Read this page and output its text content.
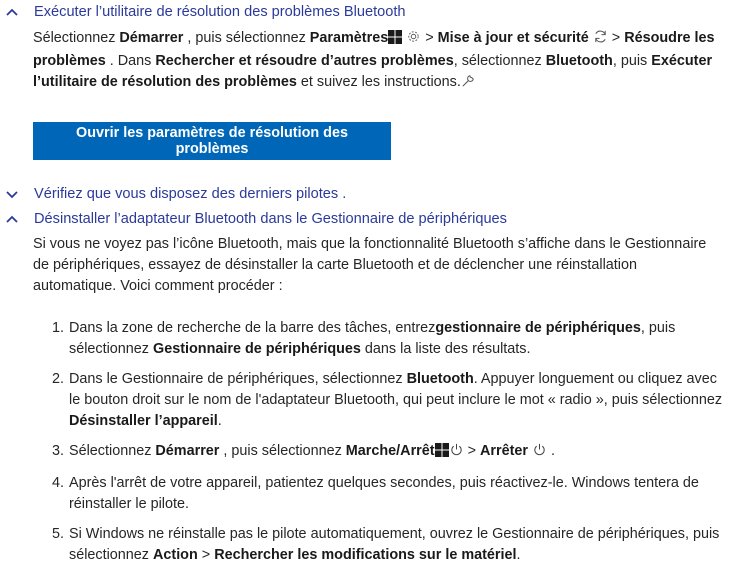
Exécuter l’utilitaire de résolution des problèmes Bluetooth
Sélectionnez Démarrer , puis sélectionnez Paramètres  > Mise à jour et sécurité  > Résoudre les problèmes . Dans Rechercher et résoudre d’autres problèmes, sélectionnez Bluetooth, puis Exécuter l’utilitaire de résolution des problèmes et suivez les instructions.
Ouvrir les paramètres de résolution des problèmes
Vérifiez que vous disposez des derniers pilotes .
Désinstaller l’adaptateur Bluetooth dans le Gestionnaire de périphériques
Si vous ne voyez pas l’icône Bluetooth, mais que la fonctionnalité Bluetooth s’affiche dans le Gestionnaire de périphériques, essayez de désinstaller la carte Bluetooth et de déclencher une réinstallation automatique. Voici comment procéder :
1. Dans la zone de recherche de la barre des tâches, entrezgestionnaire de périphériques, puis sélectionnez Gestionnaire de périphériques dans la liste des résultats.
2. Dans le Gestionnaire de périphériques, sélectionnez Bluetooth. Appuyer longuement ou cliquez avec le bouton droit sur le nom de l'adaptateur Bluetooth, qui peut inclure le mot « radio », puis sélectionnez Désinstaller l’appareil.
3. Sélectionnez Démarrer , puis sélectionnez Marche/Arrêt > Arrêter  .
4. Après l'arrêt de votre appareil, patientez quelques secondes, puis réactivez-le. Windows tentera de réinstaller le pilote.
5. Si Windows ne réinstalle pas le pilote automatiquement, ouvrez le Gestionnaire de périphériques, puis sélectionnez Action > Rechercher les modifications sur le matériel.
